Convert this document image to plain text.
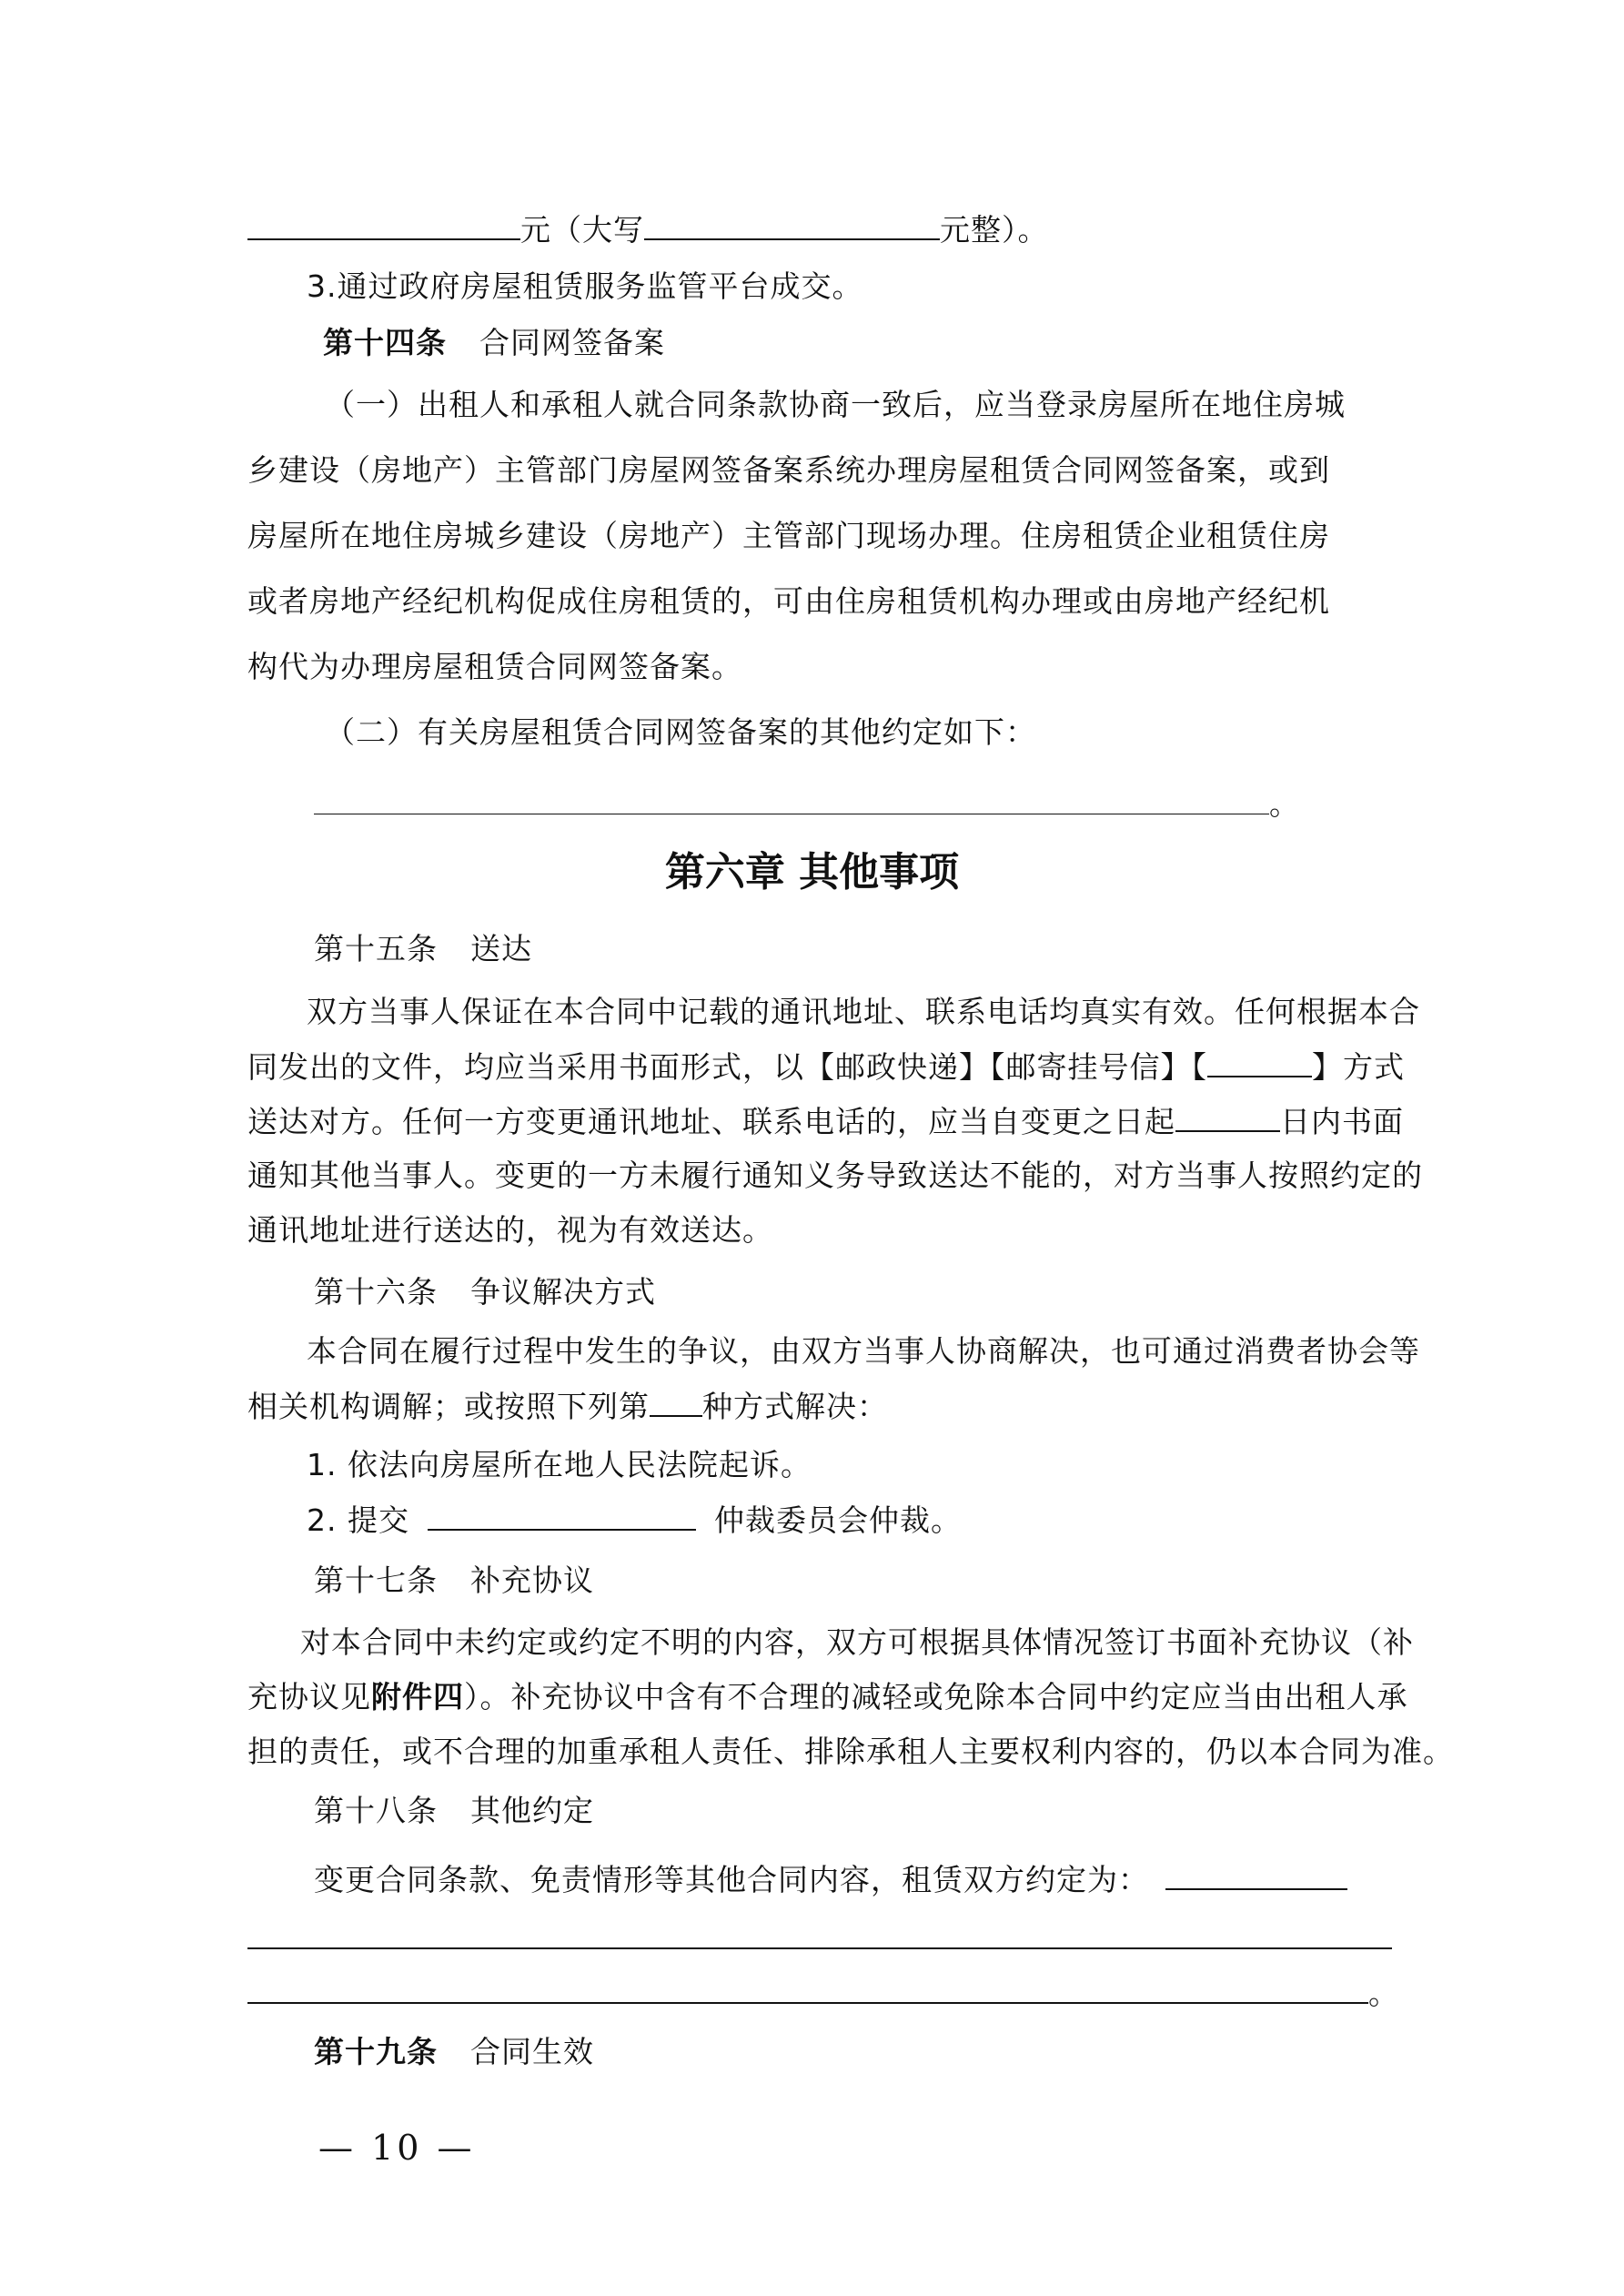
元（大写	元整）。
3.通过政府房屋租赁服务监管平台成交。
第十四条 合同网签备案
（一）出租人和承租人就合同条款协商一致后，应当登录房屋所在地住房城
乡建设（房地产）主管部门房屋网签备案系统办理房屋租赁合同网签备案，或到
房屋所在地住房城乡建设（房地产）主管部门现场办理。住房租赁企业租赁住房
或者房地产经纪机构促成住房租赁的，可由住房租赁机构办理或由房地产经纪机
构代为办理房屋租赁合同网签备案。
（二）有关房屋租赁合同网签备案的其他约定如下：
。
第六章 其他事项
第十五条 送达
双方当事人保证在本合同中记载的通讯地址、联系电话均真实有效。任何根据本合
同发出的文件，均应当采用书面形式，以【邮政快递】【邮寄挂号信】【	】方式
送达对方。任何一方变更通讯地址、联系电话的，应当自变更之日起	日内书面
通知其他当事人。变更的一方未履行通知义务导致送达不能的，对方当事人按照约定的
通讯地址进行送达的，视为有效送达。
第十六条 争议解决方式
本合同在履行过程中发生的争议，由双方当事人协商解决，也可通过消费者协会等
相关机构调解；或按照下列第 种方式解决：
1. 依法向房屋所在地人民法院起诉。
2. 提交	仲裁委员会仲裁。
第十七条 补充协议
对本合同中未约定或约定不明的内容，双方可根据具体情况签订书面补充协议（补
充协议见附件四）。补充协议中含有不合理的减轻或免除本合同中约定应当由出租人承
担的责任，或不合理的加重承租人责任、排除承租人主要权利内容的，仍以本合同为准。
第十八条 其他约定
变更合同条款、免责情形等其他合同内容，租赁双方约定为：
。
第十九条 合同生效
— 10 —
